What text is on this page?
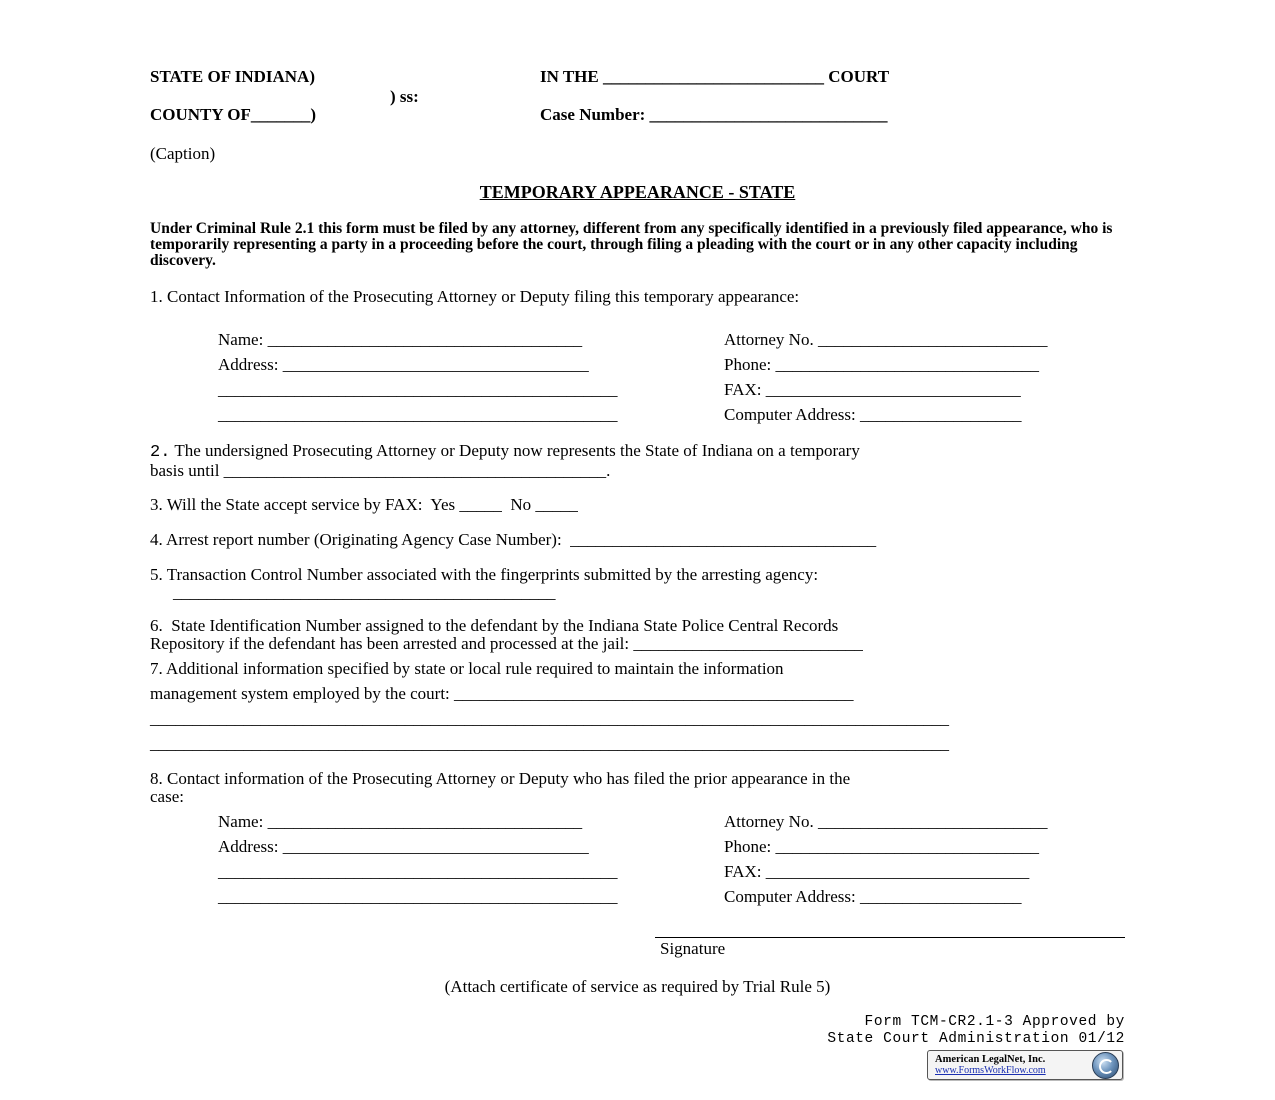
STATE OF INDIANA)	IN THE __________________________ COURT
) ss:
COUNTY OF_______)	Case Number: ____________________________
(Caption)
TEMPORARY APPEARANCE - STATE
Under Criminal Rule 2.1 this form must be filed by any attorney, different from any specifically identified in a previously filed appearance, who is temporarily representing a party in a proceeding before the court, through filing a pleading with the court or in any other capacity including discovery.
1. Contact Information of the Prosecuting Attorney or Deputy filing this temporary appearance:
Name: _____________________________________
Address: ____________________________________
_______________________________________________
_______________________________________________
Attorney No. ___________________________
Phone: _______________________________
FAX: ______________________________
Computer Address: ___________________
2. The undersigned Prosecuting Attorney or Deputy now represents the State of Indiana on a temporary
basis until _____________________________________________.
3. Will the State accept service by FAX:  Yes _____  No _____
4. Arrest report number (Originating Agency Case Number):  ____________________________________
5. Transaction Control Number associated with the fingerprints submitted by the arresting agency:
_____________________________________________
6.  State Identification Number assigned to the defendant by the Indiana State Police Central Records
Repository if the defendant has been arrested and processed at the jail: ___________________________
7. Additional information specified by state or local rule required to maintain the information
management system employed by the court: _______________________________________________
______________________________________________________________________________________________
______________________________________________________________________________________________
8. Contact information of the Prosecuting Attorney or Deputy who has filed the prior appearance in the
case:
Name: _____________________________________
Address: ____________________________________
_______________________________________________
_______________________________________________
Attorney No. ___________________________
Phone: _______________________________
FAX: _______________________________
Computer Address: ___________________
Signature
(Attach certificate of service as required by Trial Rule 5)
Form TCM-CR2.1-3 Approved by
State Court Administration 01/12
American LegalNet, Inc.
www.FormsWorkFlow.com
